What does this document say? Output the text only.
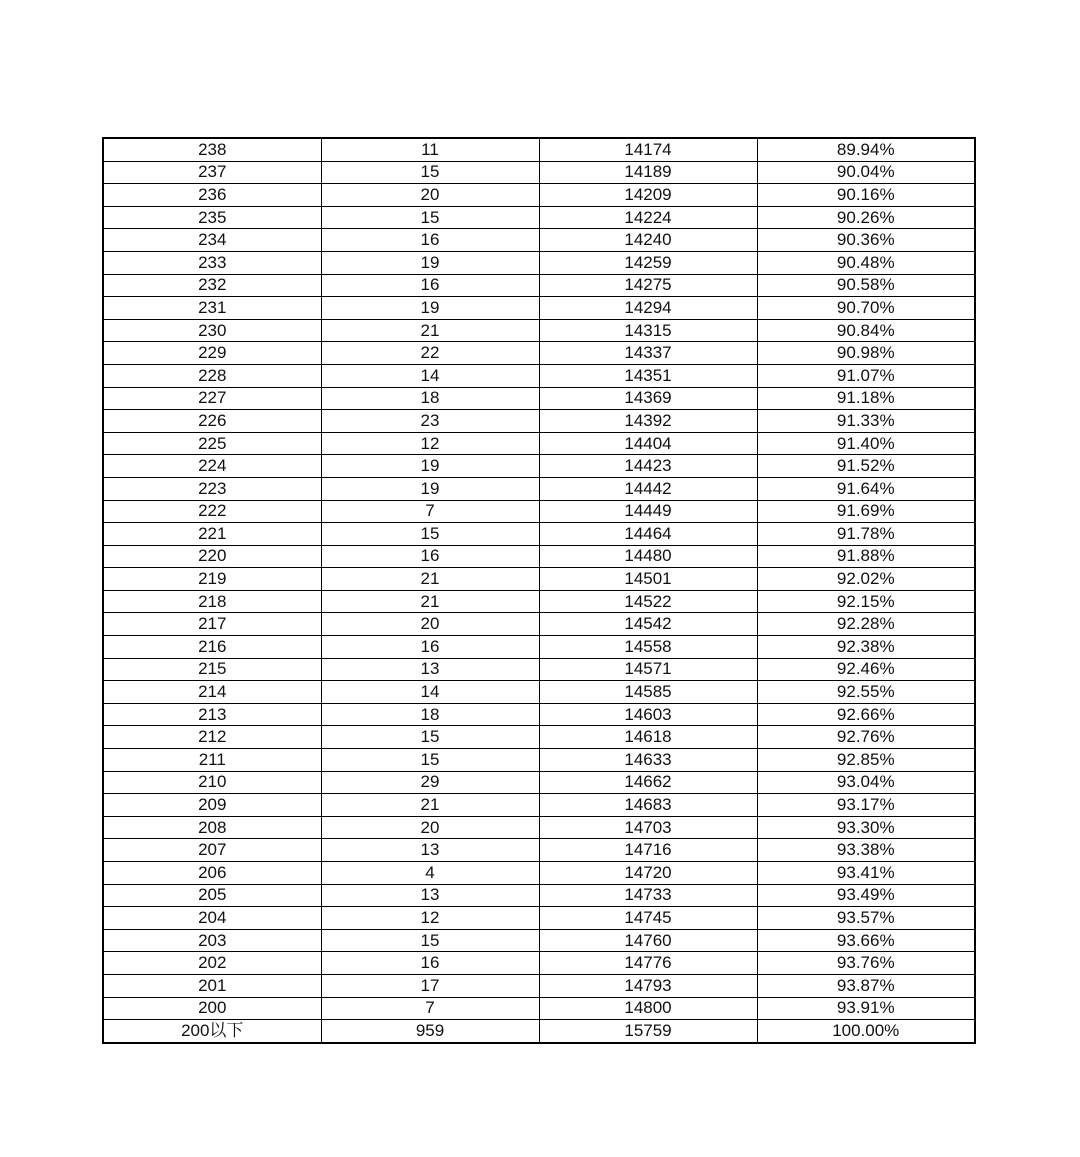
238	11	14174	89.94%
237	15	14189	90.04%
236	20	14209	90.16%
235	15	14224	90.26%
234	16	14240	90.36%
233	19	14259	90.48%
232	16	14275	90.58%
231	19	14294	90.70%
230	21	14315	90.84%
229	22	14337	90.98%
228	14	14351	91.07%
227	18	14369	91.18%
226	23	14392	91.33%
225	12	14404	91.40%
224	19	14423	91.52%
223	19	14442	91.64%
222	7	14449	91.69%
221	15	14464	91.78%
220	16	14480	91.88%
219	21	14501	92.02%
218	21	14522	92.15%
217	20	14542	92.28%
216	16	14558	92.38%
215	13	14571	92.46%
214	14	14585	92.55%
213	18	14603	92.66%
212	15	14618	92.76%
211	15	14633	92.85%
210	29	14662	93.04%
209	21	14683	93.17%
208	20	14703	93.30%
207	13	14716	93.38%
206	4	14720	93.41%
205	13	14733	93.49%
204	12	14745	93.57%
203	15	14760	93.66%
202	16	14776	93.76%
201	17	14793	93.87%
200	7	14800	93.91%
200以下	959	15759	100.00%
